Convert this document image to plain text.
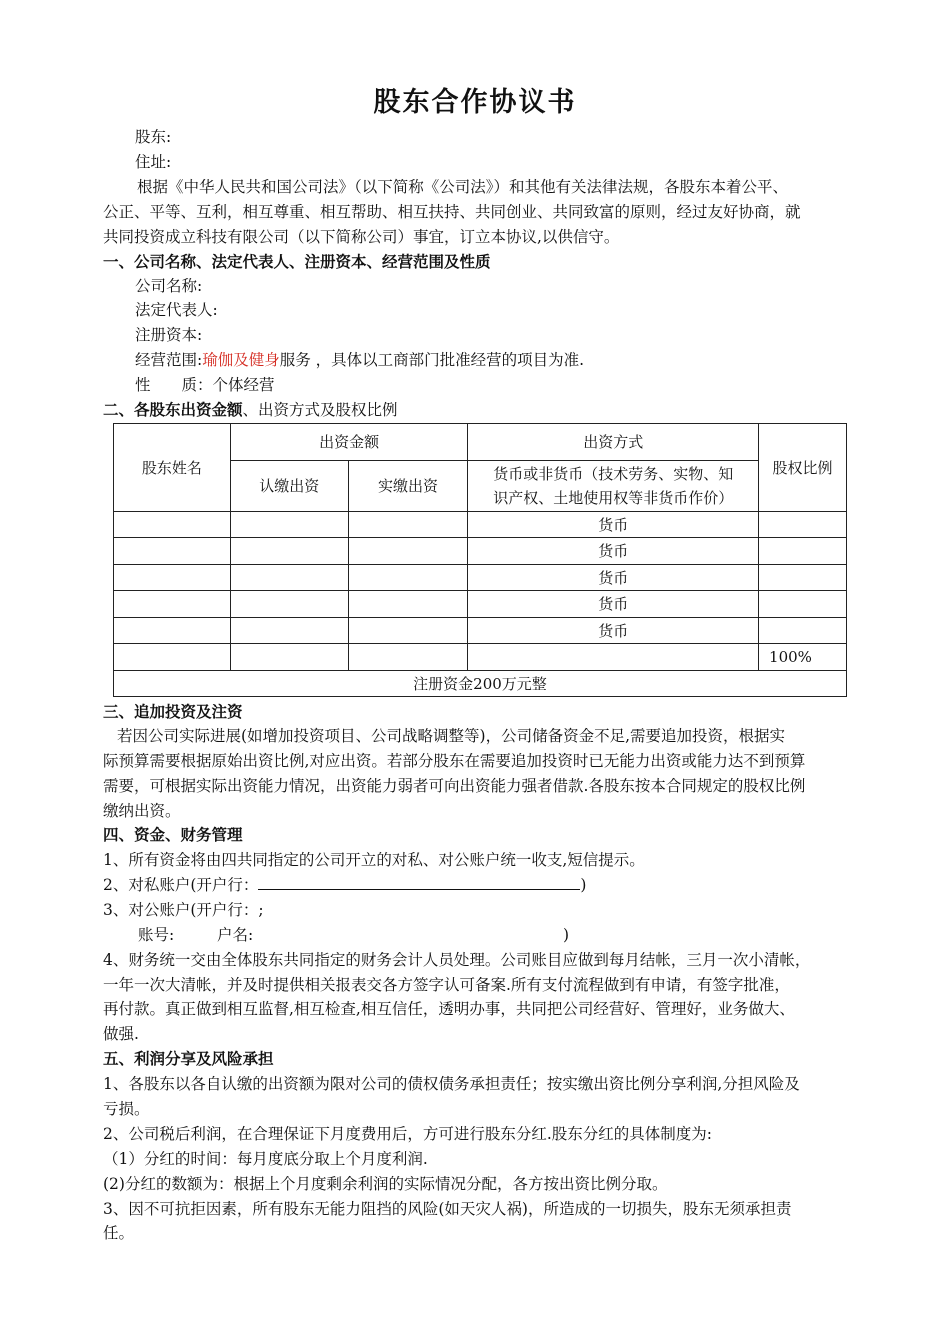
股东合作协议书
股东:
住址:
根据《中华人民共和国公司法》（以下简称《公司法》）和其他有关法律法规，各股东本着公平、
公正、平等、互利，相互尊重、相互帮助、相互扶持、共同创业、共同致富的原则，经过友好协商，就
共同投资成立科技有限公司（以下简称公司）事宜，订立本协议,以供信守。
一、公司名称、法定代表人、注册资本、经营范围及性质
公司名称:
法定代表人:
注册资本:
经营范围:瑜伽及健身服务 ，具体以工商部门批准经营的项目为准.
性　　质：个体经营
二、各股东出资金额、出资方式及股权比例
股东姓名	出资金额		出资方式	股权比例
	认缴出资	实缴出资	货币或非货币（技术劳务、实物、知
识产权、土地使用权等非货币作价）	

			货币	
			货币	
			货币	
			货币	
			货币	
				100%
注册资金200万元整				
三、追加投资及注资
若因公司实际进展(如增加投资项目、公司战略调整等)，公司储备资金不足,需要追加投资，根据实
际预算需要根据原始出资比例,对应出资。若部分股东在需要追加投资时已无能力出资或能力达不到预算
需要，可根据实际出资能力情况，出资能力弱者可向出资能力强者借款.各股东按本合同规定的股权比例
缴纳出资。
四、资金、财务管理
1、所有资金将由四共同指定的公司开立的对私、对公账户统一收支,短信提示。
2、对私账户(开户行：	)
3、对公账户(开户行：;
账号:	户名:	)
4、财务统一交由全体股东共同指定的财务会计人员处理。公司账目应做到每月结帐，三月一次小清帐，
一年一次大清帐，并及时提供相关报表交各方签字认可备案.所有支付流程做到有申请，有签字批准，
再付款。真正做到相互监督,相互检查,相互信任，透明办事，共同把公司经营好、管理好，业务做大、
做强.
五、利润分享及风险承担
1、各股东以各自认缴的出资额为限对公司的债权债务承担责任；按实缴出资比例分享利润,分担风险及
亏损。
2、公司税后利润，在合理保证下月度费用后，方可进行股东分红.股东分红的具体制度为:
（1）分红的时间：每月度底分取上个月度利润.
(2)分红的数额为：根据上个月度剩余利润的实际情况分配，各方按出资比例分取。
3、因不可抗拒因素，所有股东无能力阻挡的风险(如天灾人祸)，所造成的一切损失，股东无须承担责
任。
